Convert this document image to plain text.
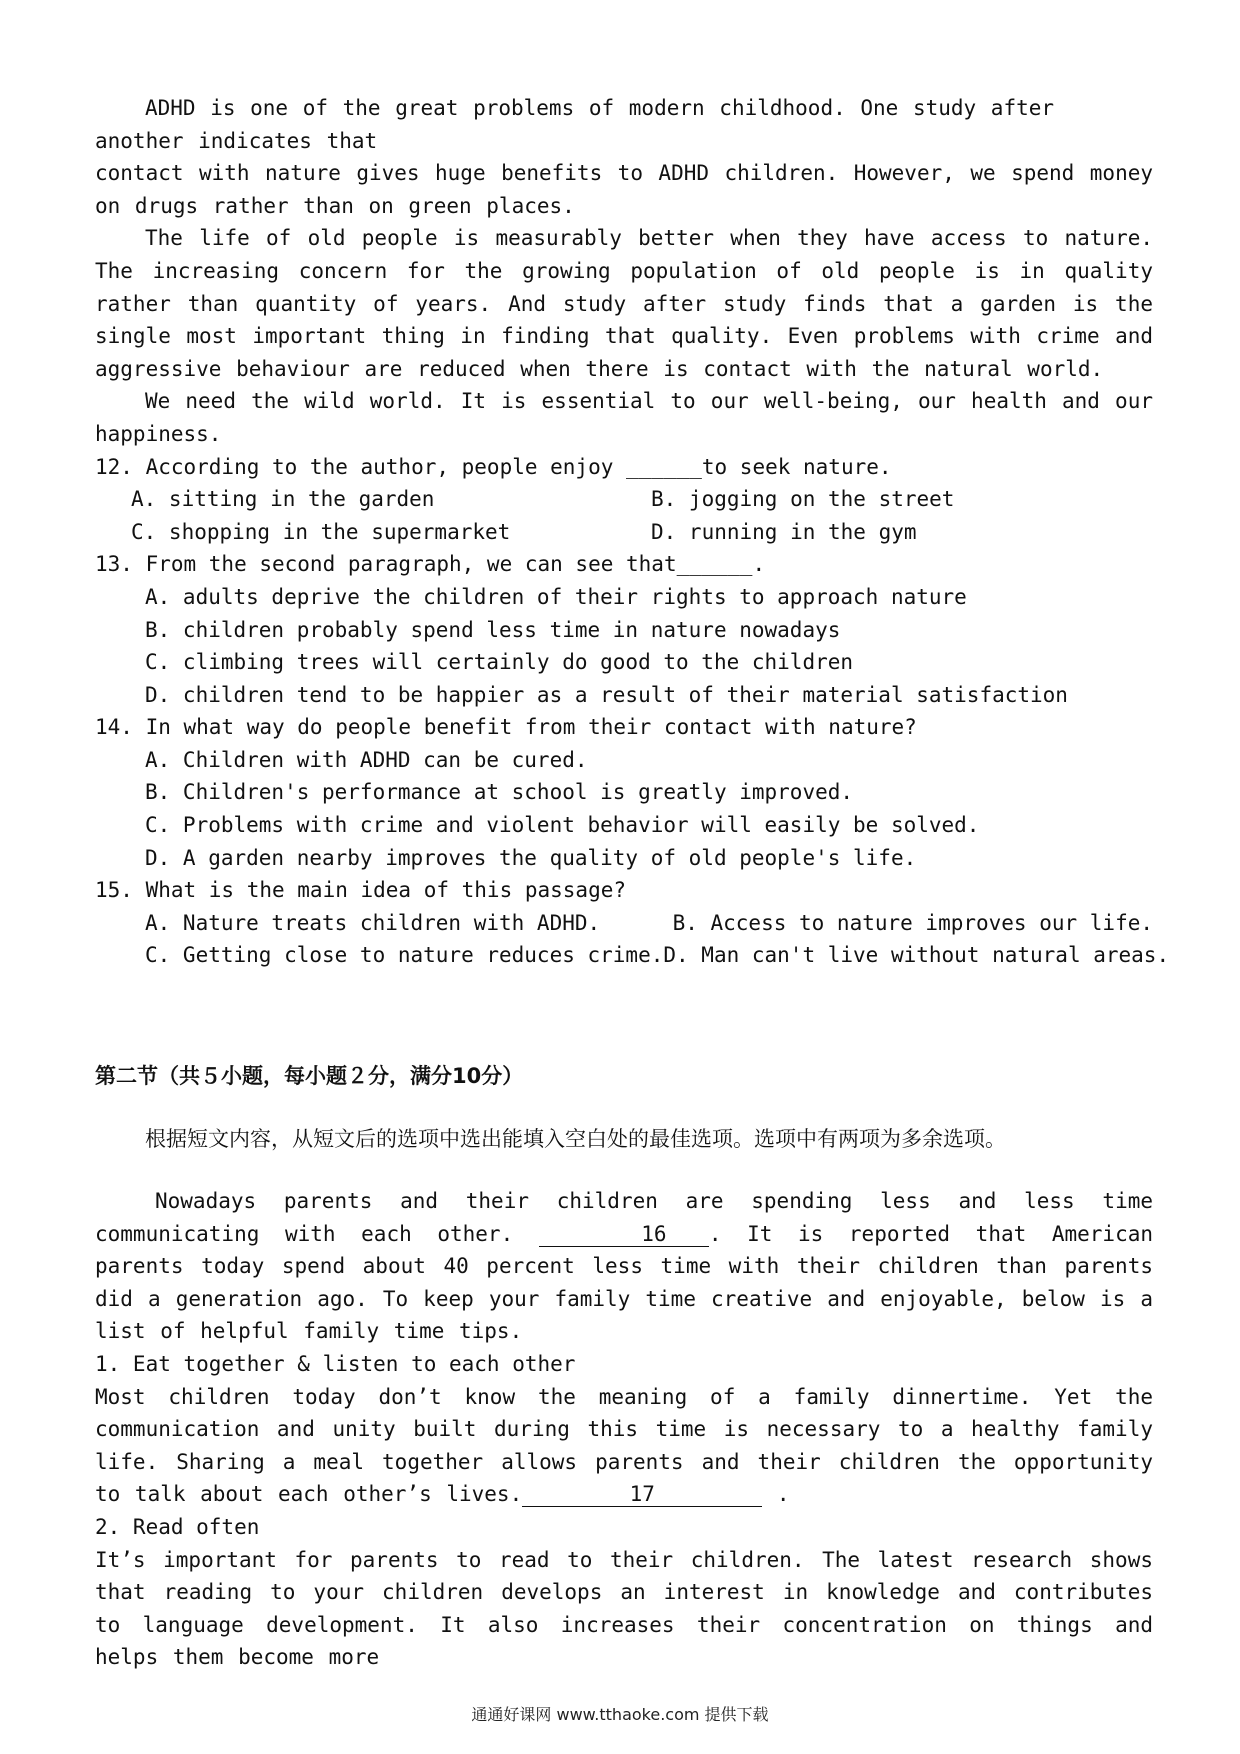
ADHD is one of the great problems of modern childhood. One study after another indicates that

contact with nature gives huge benefits to ADHD children. However, we spend money on drugs rather than on green places.

The life of old people is measurably better when they have access to nature. The increasing concern for the growing population of old people is in quality rather than quantity of years. And study after study finds that a garden is the single most important thing in finding that quality. Even problems with crime and aggressive behaviour are reduced when there is contact with the natural world.

We need the wild world. It is essential to our well-being, our health and our happiness.

12. According to the author, people enjoy ______to seek nature.

A. sitting in the garden	B. jogging on the street
C. shopping in the supermarket	D. running in the gym

13. From the second paragraph, we can see that______.

A. adults deprive the children of their rights to approach nature

B. children probably spend less time in nature nowadays

C. climbing trees will certainly do good to the children

D. children tend to be happier as a result of their material satisfaction

14. In what way do people benefit from their contact with nature?

A. Children with ADHD can be cured.

B. Children's performance at school is greatly improved.

C. Problems with crime and violent behavior will easily be solved.

D. A garden nearby improves the quality of old people's life.

15. What is the main idea of this passage?

A. Nature treats children with ADHD.	B. Access to nature improves our life.
C. Getting close to nature reduces crime. D. Man can't live without natural areas.

第二节（共５小题，每小题２分，满分10分）

根据短文内容，从短文后的选项中选出能填入空白处的最佳选项。选项中有两项为多余选项。

Nowadays parents and their children are spending less and less time communicating with each other.	16 . It is reported that American parents today spend about 40 percent less time with their children than parents did a generation ago. To keep your family time creative and enjoyable, below is a list of helpful family time tips.

1. Eat together & listen to each other

Most children today don’t know the meaning of a family dinnertime. Yet the communication and unity built during this time is necessary to a healthy family life. Sharing a meal together allows parents and their children the opportunity to talk about each other’s lives.	17	.

2. Read often

It’s important for parents to read to their children. The latest research shows that reading to your children develops an interest in knowledge and contributes to language development. It also increases their concentration on things and helps them become more

通通好课网 www.tthaoke.com 提供下载
